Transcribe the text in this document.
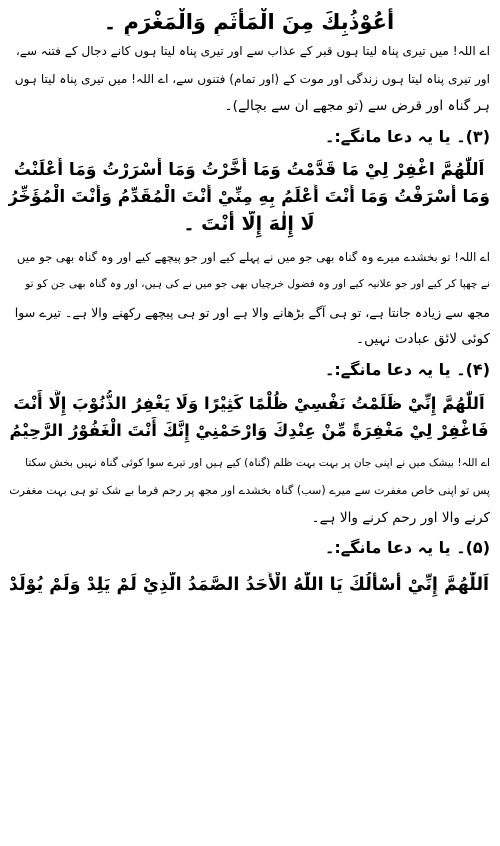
أَعُوْذُبِكَ مِنَ الْمَأْثَمِ وَالْمَغْرَمِ ۔
اے اللہ! میں تیری پناہ لیتا ہوں قبر کے عذاب سے اور تیری پناہ لیتا ہوں کانے دجال کے فتنہ سے،
اور تیری پناہ لیتا ہوں زندگی اور موت کے (اور تمام) فتنوں سے، اے اللہ! میں تیری پناہ لیتا ہوں
ہر گناہ اور قرض سے (تو مجھے ان سے بچالے)۔
(۳)۔ یا یہ دعا مانگے:۔
اَللّٰهُمَّ اغْفِرْ لِيْ مَا قَدَّمْتُ وَمَا أَخَّرْتُ وَمَا أَسْرَرْتُ وَمَا أَعْلَنْتُ
وَمَا أَسْرَفْتُ وَمَا أَنْتَ أَعْلَمُ بِهِ مِنِّيْ أَنْتَ الْمُقَدِّمُ وَأَنْتَ الْمُؤَخِّرُ
لَا إِلٰهَ إِلَّا أَنْتَ ۔
اے اللہ! تو بخشدے میرے وہ گناہ بھی جو میں نے پہلے کیے اور جو پیچھے کیے اور وہ گناہ بھی جو میں
نے چھپا کر کیے اور جو علانیہ کیے اور وہ فضول خرچیاں بھی جو میں نے کی ہیں، اور وہ گناہ بھی جن کو تو
مجھ سے زیادہ جانتا ہے، تو ہی آگے بڑھانے والا ہے اور تو ہی پیچھے رکھنے والا ہے۔ تیرے سوا
کوئی لائق عبادت نہیں۔
(۴)۔ یا یہ دعا مانگے:۔
اَللّٰهُمَّ إِنِّيْ ظَلَمْتُ نَفْسِيْ ظُلْمًا كَثِيْرًا وَلَا يَغْفِرُ الذُّنُوْبَ إِلَّا أَنْتَ
فَاغْفِرْ لِيْ مَغْفِرَةً مِّنْ عِنْدِكَ وَارْحَمْنِيْ إِنَّكَ أَنْتَ الْغَفُوْرُ الرَّحِيْمُ
اے اللہ! بیشک میں نے اپنی جان پر بہت بہت ظلم (گناہ) کیے ہیں اور تیرے سوا کوئی گناہ نہیں بخش سکتا
پس تو اپنی خاص مغفرت سے میرے (سب) گناہ بخشدے اور مجھ پر رحم فرما بے شک تو ہی بہت مغفرت
کرنے والا اور رحم کرنے والا ہے۔
(۵)۔ یا یہ دعا مانگے:۔
اَللّٰهُمَّ إِنِّيْ أَسْأَلُكَ يَا اللّٰهُ الْأَحَدُ الصَّمَدُ الَّذِيْ لَمْ يَلِدْ وَلَمْ يُوْلَدْ
